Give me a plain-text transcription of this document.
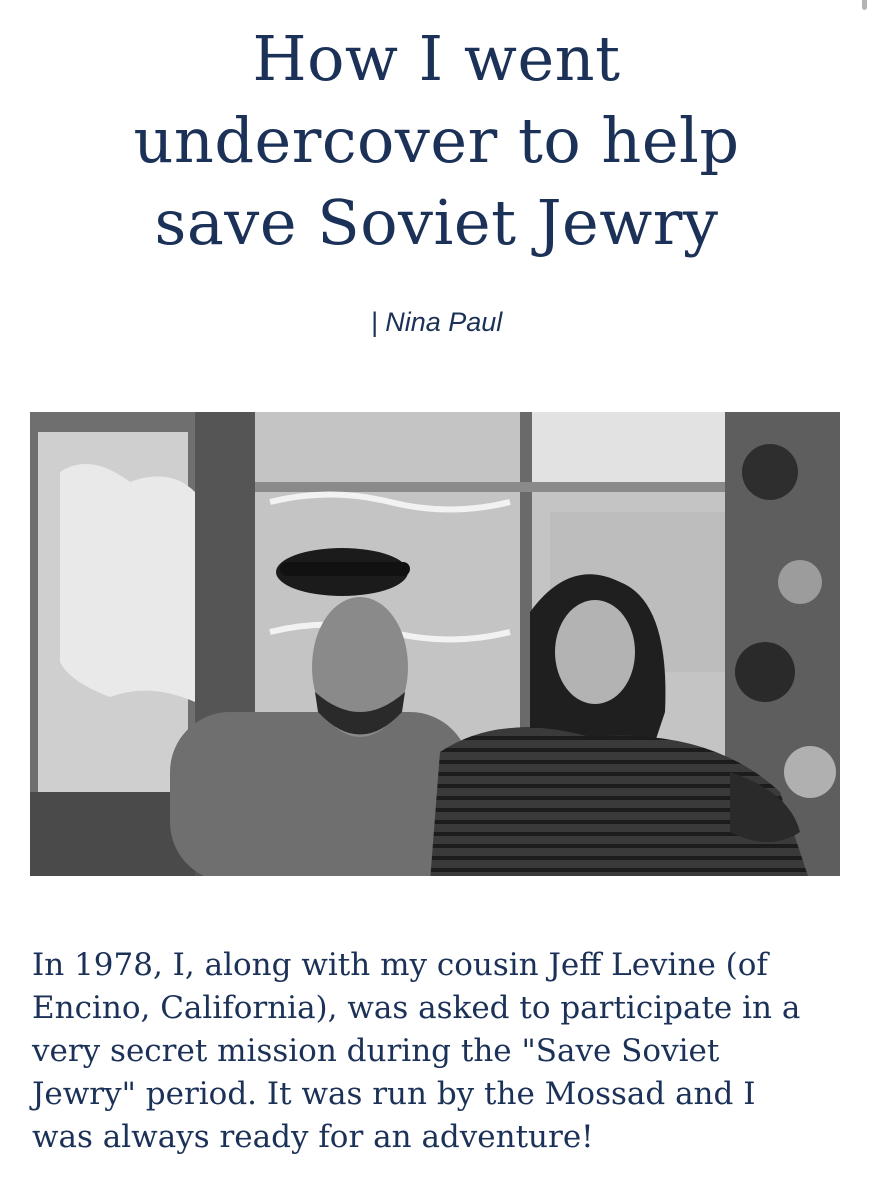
How I went
undercover to help
save Soviet Jewry
| Nina Paul

In 1978, I, along with my cousin Jeff Levine (of
Encino, California), was asked to participate in a
very secret mission during the "Save Soviet
Jewry" period. It was run by the Mossad and I
was always ready for an adventure!
